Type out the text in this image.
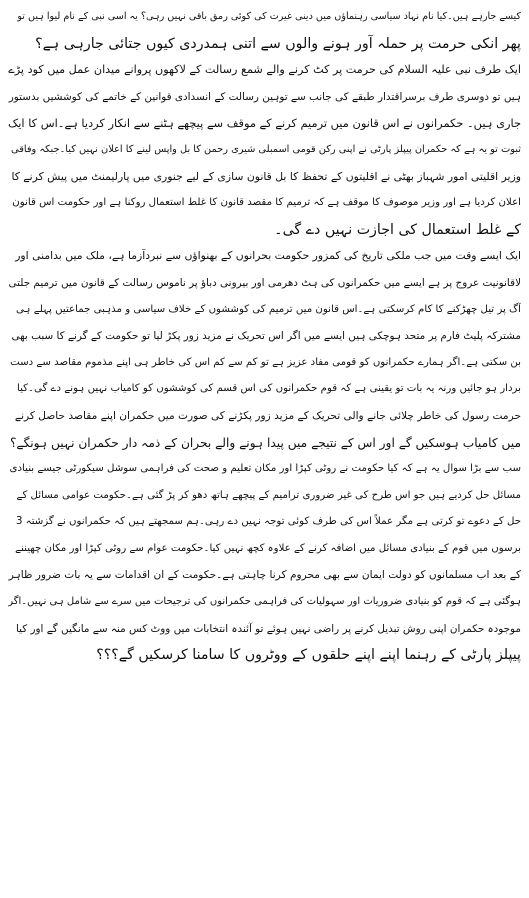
کیسے جارہے ہیں۔کیا نام نہاد سیاسی رہنماؤں میں دینی غیرت کی کوئی رمق باقی نہیں رہی؟ یہ اسی نبی کے نام لیوا ہیں تو
پھر انکی حرمت پر حملہ آور ہونے والوں سے اتنی ہمدردی کیوں جتائی جارہی ہے؟
ایک طرف نبی علیہ السلام کی حرمت پر کٹ کرنے والے شمع رسالت کے لاکھوں پروانے میدان عمل میں کود پڑے
ہیں تو دوسری طرف برسراقتدار طبقے کی جانب سے توہین رسالت کے انسدادی قوانین کے خاتمے کی کوششیں بدستور
جاری ہیں۔ حکمرانوں نے اس قانون میں ترمیم کرنے کے موقف سے پیچھے ہٹنے سے انکار کردیا ہے۔اس کا ایک
ثبوت تو یہ ہے کہ حکمران پیپلز پارٹی نے اپنی رکن قومی اسمبلی شیری رحمن کا بل واپس لینے کا اعلان نہیں کیا۔جبکہ وفاقی
وزیر اقلیتی امور شہباز بھٹی نے اقلیتوں کے تحفظ کا بل قانون سازی کے لیے جنوری میں پارلیمنٹ میں پیش کرنے کا
اعلان کردیا ہے اور وزیر موصوف کا موقف ہے کہ ترمیم کا مقصد قانون کا غلط استعمال روکنا ہے اور حکومت اس قانون
کے غلط استعمال کی اجازت نہیں دے گی۔
ایک ایسے وقت میں جب ملکی تاریخ کی کمزور حکومت بحرانوں کے بھنواؤں سے نبردآزما ہے، ملک میں بدامنی اور
لاقانونیت عروج پر ہے ایسے میں حکمرانوں کی ہٹ دھرمی اور بیرونی دباؤ پر ناموس رسالت کے قانون میں ترمیم جلتی
آگ پر تیل چھڑکنے کا کام کرسکتی ہے۔اس قانون میں ترمیم کی کوششوں کے خلاف سیاسی و مذہبی جماعتیں پہلے ہی
مشترکہ پلیٹ فارم پر متحد ہوچکی ہیں ایسے میں اگر اس تحریک نے مزید زور پکڑ لیا تو حکومت کے گرنے کا سبب بھی
بن سکتی ہے۔اگر ہمارے حکمرانوں کو قومی مفاد عزیز ہے تو کم سے کم اس کی خاطر ہی اپنے مذموم مقاصد سے دست
بردار ہو جائیں ورنہ یہ بات تو یقینی ہے کہ قوم حکمرانوں کی اس قسم کی کوششوں کو کامیاب نہیں ہونے دے گی۔کیا
حرمت رسول کی خاطر چلائی جانے والی تحریک کے مزید زور پکڑنے کی صورت میں حکمران اپنے مقاصد حاصل کرنے
میں کامیاب ہوسکیں گے اور اس کے نتیجے میں پیدا ہونے والے بحران کے ذمہ دار حکمران نہیں ہونگے؟
سب سے بڑا سوال یہ ہے کہ کیا حکومت نے روٹی کپڑا اور مکان تعلیم و صحت کی فراہمی سوشل سیکورٹی جیسے بنیادی
مسائل حل کردیے ہیں جو اس طرح کی غیر ضروری ترامیم کے پیچھے ہاتھ دھو کر پڑ گئی ہے۔حکومت عوامی مسائل کے
حل کے دعوے تو کرتی ہے مگر عملاً اس کی طرف کوئی توجہ نہیں دے رہی۔ہم سمجھتے ہیں کہ حکمرانوں نے گزشتہ 3
برسوں میں قوم کے بنیادی مسائل میں اضافہ کرنے کے علاوہ کچھ نہیں کیا۔حکومت عوام سے روٹی کپڑا اور مکان چھیننے
کے بعد اب مسلمانوں کو دولت ایمان سے بھی محروم کرنا چاہتی ہے۔حکومت کے ان اقدامات سے یہ بات ضرور ظاہر
ہوگئی ہے کہ قوم کو بنیادی ضروریات اور سہولیات کی فراہمی حکمرانوں کی ترجیحات میں سرے سے شامل ہی نہیں۔اگر
موجودہ حکمران اپنی روش تبدیل کرنے پر راضی نہیں ہوئے تو آئندہ انتخابات میں ووٹ کس منہ سے مانگیں گے اور کیا
پیپلز پارٹی کے رہنما اپنے اپنے حلقوں کے ووٹروں کا سامنا کرسکیں گے؟؟؟
